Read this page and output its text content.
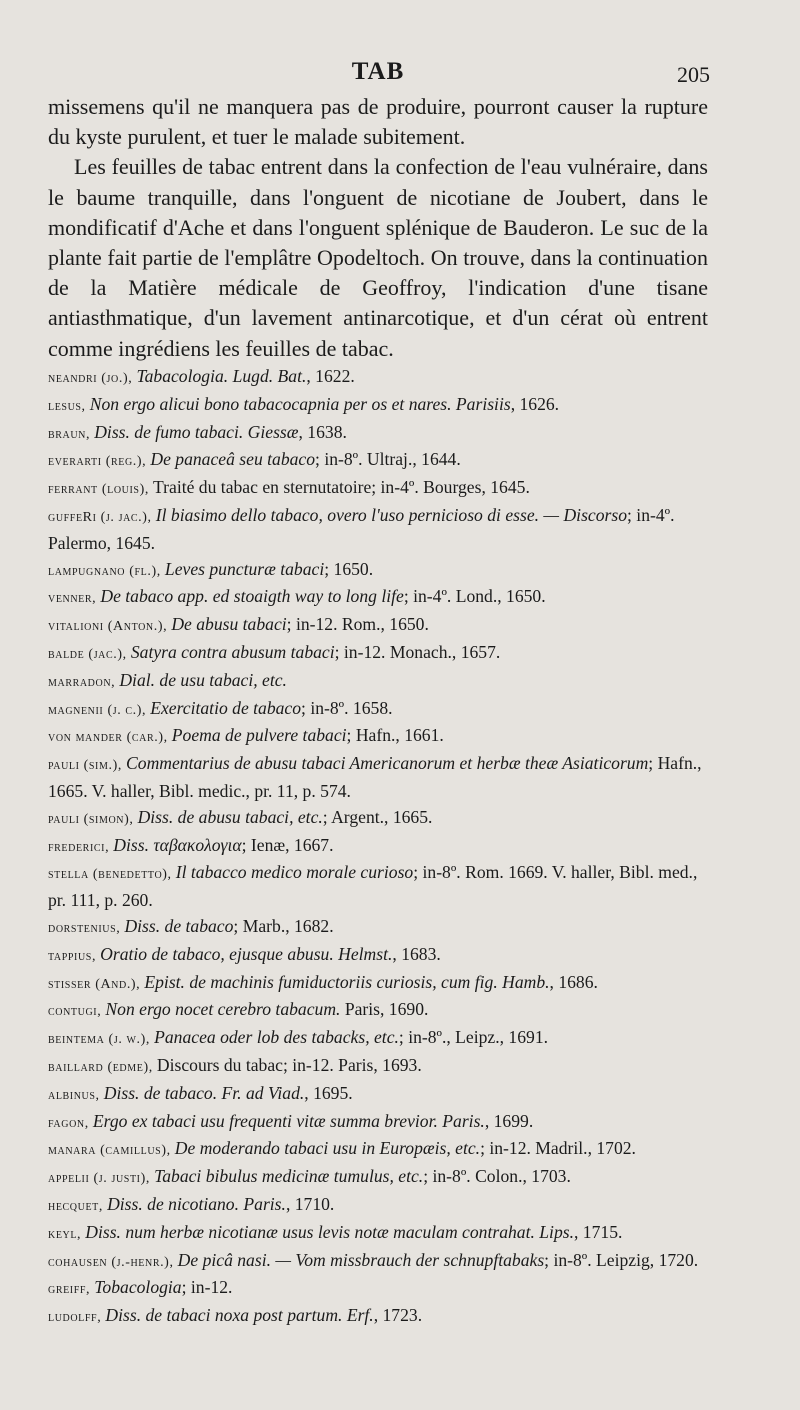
TAB	205

missemens qu'il ne manquera pas de produire, pourront causer la rupture du kyste purulent, et tuer le malade subitement.

Les feuilles de tabac entrent dans la confection de l'eau vulnéraire, dans le baume tranquille, dans l'onguent de nicotiane de Joubert, dans le mondificatif d'Ache et dans l'onguent splénique de Bauderon. Le suc de la plante fait partie de l'emplâtre Opodeltoch. On trouve, dans la continuation de la Matière médicale de Geoffroy, l'indication d'une tisane antiasthmatique, d'un lavement antinarcotique, et d'un cérat où entrent comme ingrédiens les feuilles de tabac.

neandri (jo.), Tabacologia. Lugd. Bat., 1622.
lesus, Non ergo alicui bono tabacocapnia per os et nares. Parisiis, 1626.
braun, Diss. de fumo tabaci. Giessæ, 1638.
everarti (reg.), De panaceâ seu tabaco; in-8º. Ultraj., 1644.
ferrant (louis), Traité du tabac en sternutatoire; in-4º. Bourges, 1645.
guffeRi (j. jac.), Il biasimo dello tabaco, overo l'uso pernicioso di esse. — Discorso; in-4º. Palermo, 1645.
lampugnano (fl.), Leves puncturæ tabaci; 1650.
venner, De tabaco app. ed stoaigth way to long life; in-4º. Lond., 1650.
vitalioni (Anton.), De abusu tabaci; in-12. Rom., 1650.
balde (jac.), Satyra contra abusum tabaci; in-12. Monach., 1657.
marradon, Dial. de usu tabaci, etc.
magnenii (j. c.), Exercitatio de tabaco; in-8º. 1658.
von mander (car.), Poema de pulvere tabaci; Hafn., 1661.
pauli (sim.), Commentarius de abusu tabaci Americanorum et herbæ theæ Asiaticorum; Hafn., 1665. V. haller, Bibl. medic., pr. 11, p. 574.
pauli (simon), Diss. de abusu tabaci, etc.; Argent., 1665.
frederici, Diss. ταβακολογια; Ienæ, 1667.
stella (benedetto), Il tabacco medico morale curioso; in-8º. Rom. 1669. V. haller, Bibl. med., pr. 111, p. 260.
dorstenius, Diss. de tabaco; Marb., 1682.
tappius, Oratio de tabaco, ejusque abusu. Helmst., 1683.
stisser (And.), Epist. de machinis fumiductoriis curiosis, cum fig. Hamb., 1686.
contugi, Non ergo nocet cerebro tabacum. Paris, 1690.
beintema (j. w.), Panacea oder lob des tabacks, etc.; in-8º., Leipz., 1691.
baillard (edme), Discours du tabac; in-12. Paris, 1693.
albinus, Diss. de tabaco. Fr. ad Viad., 1695.
fagon, Ergo ex tabaci usu frequenti vitæ summa brevior. Paris., 1699.
manara (camillus), De moderando tabaci usu in Europæis, etc.; in-12. Madril., 1702.
appelii (j. justi), Tabaci bibulus medicinæ tumulus, etc.; in-8º. Colon., 1703.
hecquet, Diss. de nicotiano. Paris., 1710.
keyl, Diss. num herbæ nicotianæ usus levis notæ maculam contrahat. Lips., 1715.
cohausen (j.-henr.), De picâ nasi. — Vom missbrauch der schnupftabaks; in-8º. Leipzig, 1720.
greiff, Tobacologia; in-12.
ludolff, Diss. de tabaci noxa post partum. Erf., 1723.
